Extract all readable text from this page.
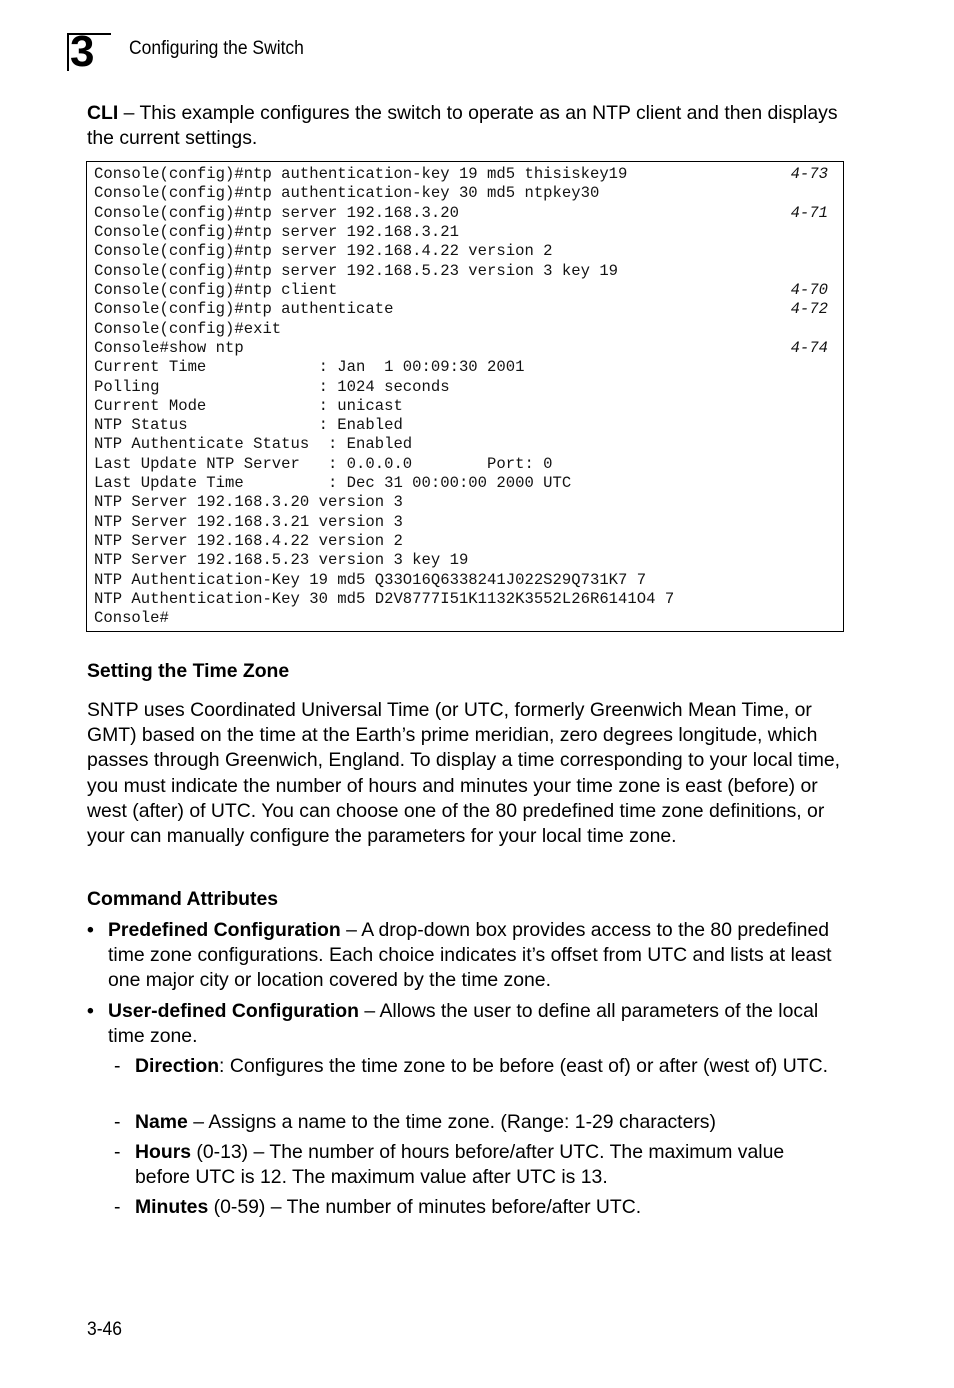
3 Configuring the Switch
CLI – This example configures the switch to operate as an NTP client and then displays the current settings.
Console(config)#ntp authentication-key 19 md5 thisiskey19	4-73
Console(config)#ntp authentication-key 30 md5 ntpkey30
Console(config)#ntp server 192.168.3.20	4-71
Console(config)#ntp server 192.168.3.21
Console(config)#ntp server 192.168.4.22 version 2
Console(config)#ntp server 192.168.5.23 version 3 key 19
Console(config)#ntp client	4-70
Console(config)#ntp authenticate	4-72
Console(config)#exit
Console#show ntp	4-74
Current Time            : Jan  1 00:09:30 2001
Polling                 : 1024 seconds
Current Mode            : unicast
NTP Status              : Enabled
NTP Authenticate Status  : Enabled
Last Update NTP Server   : 0.0.0.0        Port: 0
Last Update Time         : Dec 31 00:00:00 2000 UTC
NTP Server 192.168.3.20 version 3
NTP Server 192.168.3.21 version 3
NTP Server 192.168.4.22 version 2
NTP Server 192.168.5.23 version 3 key 19
NTP Authentication-Key 19 md5 Q33O16Q6338241J022S29Q731K7 7
NTP Authentication-Key 30 md5 D2V8777I51K1132K3552L26R6141O4 7
Console#
Setting the Time Zone
SNTP uses Coordinated Universal Time (or UTC, formerly Greenwich Mean Time, or GMT) based on the time at the Earth’s prime meridian, zero degrees longitude, which passes through Greenwich, England. To display a time corresponding to your local time, you must indicate the number of hours and minutes your time zone is east (before) or west (after) of UTC. You can choose one of the 80 predefined time zone definitions, or your can manually configure the parameters for your local time zone.
Command Attributes
• Predefined Configuration – A drop-down box provides access to the 80 predefined time zone configurations. Each choice indicates it’s offset from UTC and lists at least one major city or location covered by the time zone.
• User-defined Configuration – Allows the user to define all parameters of the local time zone.
- Direction: Configures the time zone to be before (east of) or after (west of) UTC.
- Name – Assigns a name to the time zone. (Range: 1-29 characters)
- Hours (0-13) – The number of hours before/after UTC. The maximum value before UTC is 12. The maximum value after UTC is 13.
- Minutes (0-59) – The number of minutes before/after UTC.
3-46
